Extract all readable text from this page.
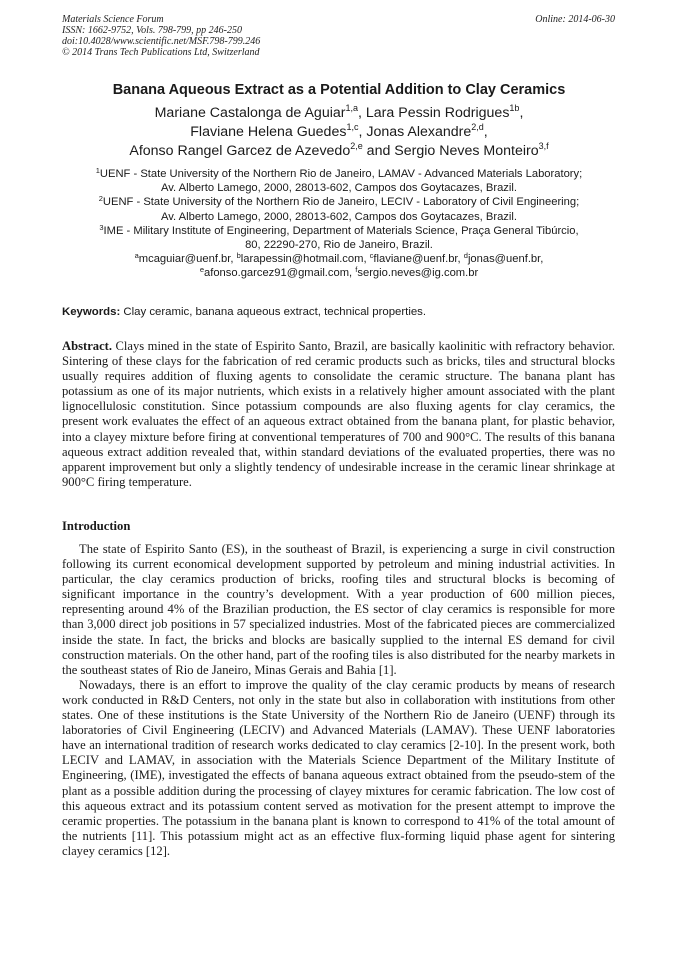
Materials Science Forum
ISSN: 1662-9752, Vols. 798-799, pp 246-250
doi:10.4028/www.scientific.net/MSF.798-799.246
© 2014 Trans Tech Publications Ltd, Switzerland
Online: 2014-06-30
Banana Aqueous Extract as a Potential Addition to Clay Ceramics
Mariane Castalonga de Aguiar$^{1,a}$, Lara Pessin Rodrigues$^{1b}$,
Flaviane Helena Guedes$^{1,c}$, Jonas Alexandre$^{2,d}$,
Afonso Rangel Garcez de Azevedo$^{2,e}$ and Sergio Neves Monteiro$^{3,f}$
$^1$UENF - State University of the Northern Rio de Janeiro, LAMAV - Advanced Materials Laboratory;
Av. Alberto Lamego, 2000, 28013-602, Campos dos Goytacazes, Brazil.
$^2$UENF - State University of the Northern Rio de Janeiro, LECIV - Laboratory of Civil Engineering;
Av. Alberto Lamego, 2000, 28013-602, Campos dos Goytacazes, Brazil.
$^3$IME - Military Institute of Engineering, Department of Materials Science, Praça General Tibúrcio,
80, 22290-270, Rio de Janeiro, Brazil.
$^a$mcaguiar@uenf.br, $^b$larapessin@hotmail.com, $^c$flaviane@uenf.br, $^d$jonas@uenf.br,
$^e$afonso.garcez91@gmail.com, $^f$sergio.neves@ig.com.br
Keywords: Clay ceramic, banana aqueous extract, technical properties.
Abstract. Clays mined in the state of Espirito Santo, Brazil, are basically kaolinitic with refractory behavior. Sintering of these clays for the fabrication of red ceramic products such as bricks, tiles and structural blocks usually requires addition of fluxing agents to consolidate the ceramic structure. The banana plant has potassium as one of its major nutrients, which exists in a relatively higher amount associated with the plant lignocellulosic constitution. Since potassium compounds are also fluxing agents for clay ceramics, the present work evaluates the effect of an aqueous extract obtained from the banana plant, for plastic behavior, into a clayey mixture before firing at conventional temperatures of 700 and 900°C. The results of this banana aqueous extract addition revealed that, within standard deviations of the evaluated properties, there was no apparent improvement but only a slightly tendency of undesirable increase in the ceramic linear shrinkage at 900°C firing temperature.
Introduction

The state of Espirito Santo (ES), in the southeast of Brazil, is experiencing a surge in civil construction following its current economical development supported by petroleum and mining industrial activities. In particular, the clay ceramics production of bricks, roofing tiles and structural blocks is becoming of significant importance in the country’s development. With a year production of 600 million pieces, representing around 4% of the Brazilian production, the ES sector of clay ceramics is responsible for more than 3,000 direct job positions in 57 specialized industries. Most of the fabricated pieces are commercialized inside the state. In fact, the bricks and blocks are basically supplied to the internal ES demand for civil construction materials. On the other hand, part of the roofing tiles is also distributed for the nearby markets in the southeast states of Rio de Janeiro, Minas Gerais and Bahia [1].

Nowadays, there is an effort to improve the quality of the clay ceramic products by means of research work conducted in R&D Centers, not only in the state but also in collaboration with institutions from other states. One of these institutions is the State University of the Northern Rio de Janeiro (UENF) through its laboratories of Civil Engineering (LECIV) and Advanced Materials (LAMAV). These UENF laboratories have an international tradition of research works dedicated to clay ceramics [2-10]. In the present work, both LECIV and LAMAV, in association with the Materials Science Department of the Military Institute of Engineering, (IME), investigated the effects of banana aqueous extract obtained from the pseudo-stem of the plant as a possible addition during the processing of clayey mixtures for ceramic fabrication. The low cost of this aqueous extract and its potassium content served as motivation for the present attempt to improve the ceramic properties. The potassium in the banana plant is known to correspond to 41% of the total amount of the nutrients [11]. This potassium might act as an effective flux-forming liquid phase agent for sintering clayey ceramics [12].
